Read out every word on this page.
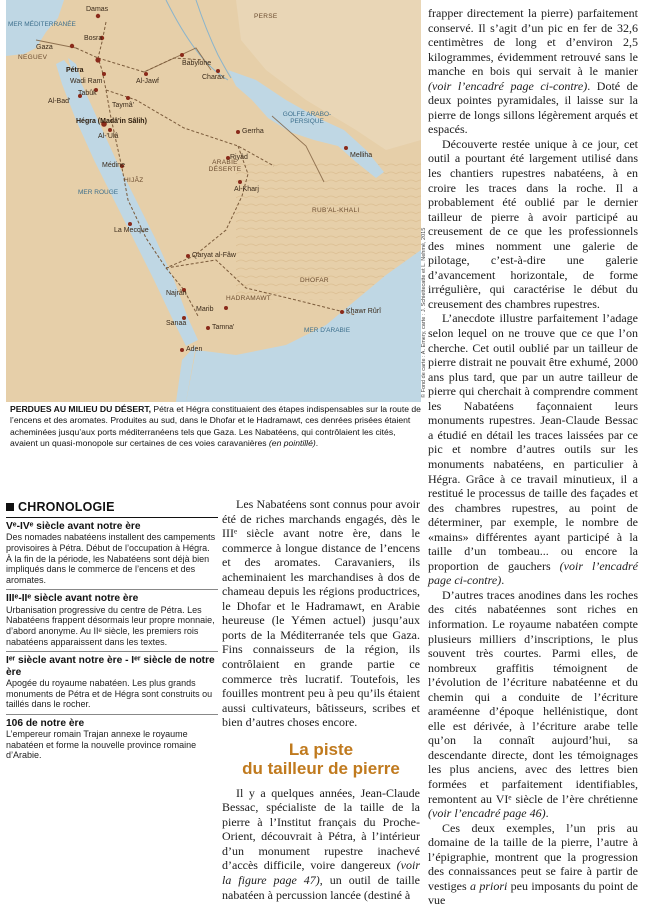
MER MÉDITERRANÉE
GOLFE ARABO-PERSIQUE
MER ROUGE
MER D'ARABIE
PERSE
HIJÂZ
ARABIE DÉSERTE
RUB'AL-KHALI
DHOFAR
HADRAMAWT
NEGUEV
Damas
Gaza
Bosra
Pétra
Wadi Ram	Al-Jawf
Babylone
Tabûk
Charax
Al-Bad'
Taymâ'
Hégra (Madâ'in Sâlih)
Al-'Ulâ
Gerrha
Riyâd
Médine
Al-Kharj
Melliha
La Mecque
Qaryat al-Fâw
Najrân
Khawr Rûrî
Marib
Sanaa
Tamna'
Aden	© Fond de carte : A. Emery, carte : J. Schiettecatte et L. Nehmé, 2015
PERDUES AU MILIEU DU DÉSERT, Pétra et Hégra constituaient des étapes indispensables sur la route de l’encens et des aromates. Produites au sud, dans le Dhofar et le Hadramawt, ces denrées prisées étaient acheminées jusqu’aux ports méditerranéens tels que Gaza. Les Nabatéens, qui contrôlaient les cités, avaient un quasi-monopole sur certaines de ces voies caravanières (en pointillé).
CHRONOLOGIE
Vᵉ-IVᵉ siècle avant notre ère
Des nomades nabatéens installent des campements provisoires à Pétra. Début de l’occupation à Hégra. À la fin de la période, les Nabatéens sont déjà bien impliqués dans le commerce de l’encens et des aromates.
IIIᵉ-IIᵉ siècle avant notre ère
Urbanisation progressive du centre de Pétra. Les Nabatéens frappent désormais leur propre monnaie, d’abord anonyme. Au IIᵉ siècle, les premiers rois nabatéens apparaissent dans les textes.
Iᵉʳ siècle avant notre ère - Iᵉʳ siècle de notre ère
Apogée du royaume nabatéen. Les plus grands monuments de Pétra et de Hégra sont construits ou taillés dans le rocher.
106 de notre ère
L’empereur romain Trajan annexe le royaume nabatéen et forme la nouvelle province romaine d’Arabie.

Les Nabatéens sont connus pour avoir été de riches marchands engagés, dès le IIIᵉ siècle avant notre ère, dans le commerce à longue distance de l’encens et des aromates. Caravaniers, ils acheminaient les marchandises à dos de chameau depuis les régions productrices, le Dhofar et le Hadramawt, en Arabie heureuse (le Yémen actuel) jusqu’aux ports de la Méditerranée tels que Gaza. Fins connaisseurs de la région, ils contrôlaient en grande partie ce commerce très lucratif. Toutefois, les fouilles montrent peu à peu qu’ils étaient aussi cultivateurs, bâtisseurs, scribes et bien d’autres choses encore.

La piste
du tailleur de pierre

Il y a quelques années, Jean-Claude Bessac, spécialiste de la taille de la pierre à l’Institut français du Proche-Orient, découvrait à Pétra, à l’intérieur d’un monument rupestre inachevé d’accès difficile, voire dangereux (voir la figure page 47), un outil de taille nabatéen à percussion lancée (destiné à

frapper directement la pierre) parfaitement conservé. Il s’agit d’un pic en fer de 32,6 centimètres de long et d’environ 2,5 kilogrammes, évidemment retrouvé sans le manche en bois qui servait à le manier (voir l’encadré page ci-contre). Doté de deux pointes pyramidales, il laisse sur la pierre de longs sillons légèrement arqués et espacés.

Découverte restée unique à ce jour, cet outil a pourtant été largement utilisé dans les chantiers rupestres nabatéens, à en croire les traces dans la roche. Il a probablement été oublié par le dernier tailleur de pierre à avoir participé au creusement de ce que les professionnels des mines nomment une galerie de pilotage, c’est-à-dire une galerie d’avancement horizontale, de forme irrégulière, qui caractérise le début du creusement des chambres rupestres.

L’anecdote illustre parfaitement l’adage selon lequel on ne trouve que ce que l’on cherche. Cet outil oublié par un tailleur de pierre distrait ne pouvait être exhumé, 2000 ans plus tard, que par un autre tailleur de pierre qui cherchait à comprendre comment les Nabatéens façonnaient leurs monuments rupestres. Jean-Claude Bessac a étudié en détail les traces laissées par ce pic et nombre d’autres outils sur les monuments nabatéens, en particulier à Hégra. Grâce à ce travail minutieux, il a restitué le processus de taille des façades et des chambres rupestres, au point de déterminer, par exemple, le nombre de «mains» différentes ayant participé à la taille d’un tombeau... ou encore la proportion de gauchers (voir l’encadré page ci-contre).

D’autres traces anodines dans les roches des cités nabatéennes sont riches en information. Le royaume nabatéen compte plusieurs milliers d’inscriptions, le plus souvent très courtes. Parmi elles, de nombreux graffitis témoignent de l’évolution de l’écriture nabatéenne et du chemin qui a conduite de l’écriture araméenne d’époque hellénistique, dont elle est dérivée, à l’écriture arabe telle qu’on la connaît aujourd’hui, sa descendante directe, dont les témoignages les plus anciens, avec des lettres bien formées et parfaitement identifiables, remontent au VIᵉ siècle de l’ère chrétienne (voir l’encadré page 46).

Ces deux exemples, l’un pris au domaine de la taille de la pierre, l’autre à l’épigraphie, montrent que la progression des connaissances peut se faire à partir de vestiges a priori peu imposants du point de vue
